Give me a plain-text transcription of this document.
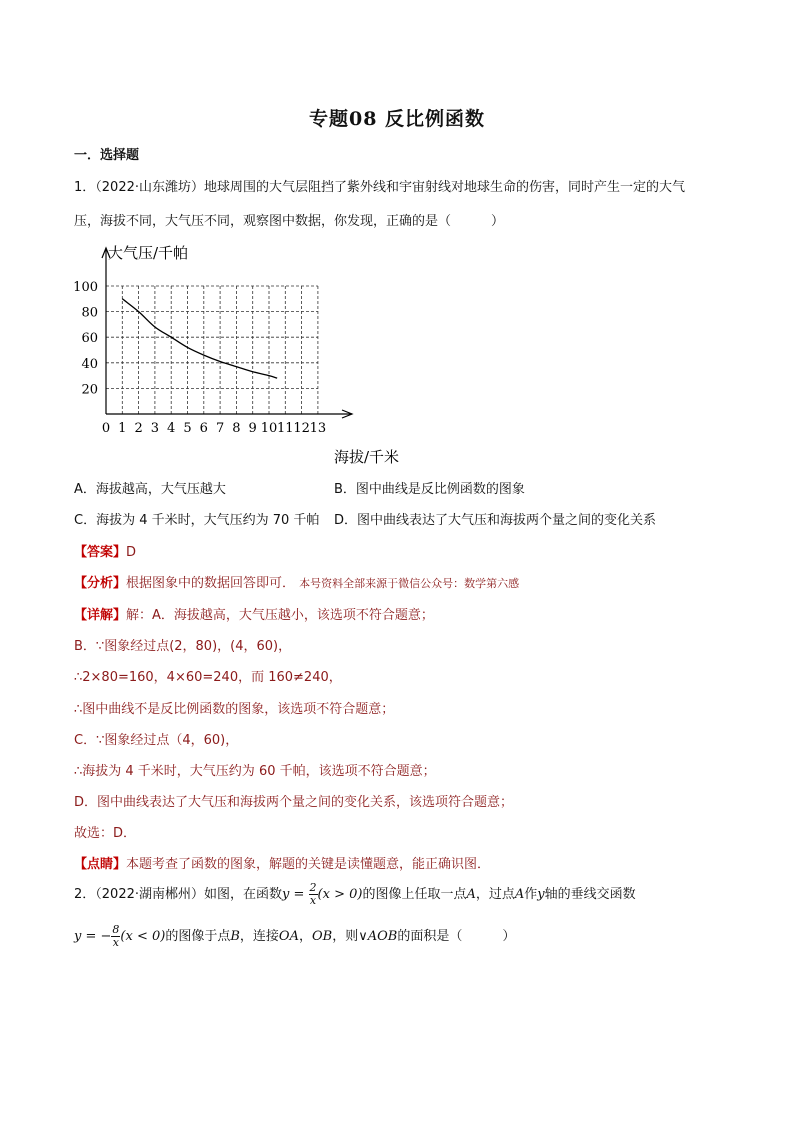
专题08 反比例函数
一．选择题
1．（2022·山东潍坊）地球周围的大气层阻挡了紫外线和宇宙射线对地球生命的伤害，同时产生一定的大气
压，海拔不同，大气压不同，观察图中数据，你发现，正确的是（	）
0 1 2 3 4 5 6 7 8 9 10 11 12 13
20
40
60
80
100
大气压/千帕
海拔/千米
A．海拔越高，大气压越大	B．图中曲线是反比例函数的图象
C．海拔为 4 千米时，大气压约为 70 千帕 D．图中曲线表达了大气压和海拔两个量之间的变化关系
【答案】D
【分析】根据图象中的数据回答即可． 本号资料全部来源于微信公众号：数学第六感
【详解】解：A．海拔越高，大气压越小，该选项不符合题意；
B．∵图象经过点(2，80)，(4，60)，
∴2×80=160，4×60=240，而 160≠240，
∴图中曲线不是反比例函数的图象，该选项不符合题意；
C．∵图象经过点（4，60)，
∴海拔为 4 千米时，大气压约为 60 千帕，该选项不符合题意；
D．图中曲线表达了大气压和海拔两个量之间的变化关系，该选项符合题意；
故选：D．
【点睛】本题考查了函数的图象，解题的关键是读懂题意，能正确识图．
2．（2022·湖南郴州）如图，在函数$y = \frac{2}{x} (x > 0)$的图像上任取一点A，过点A作y轴的垂线交函数
y = − $\frac{8}{x} (x < 0)$的图像于点B，连接OA，OB，则∨AOB的面积是（	）
